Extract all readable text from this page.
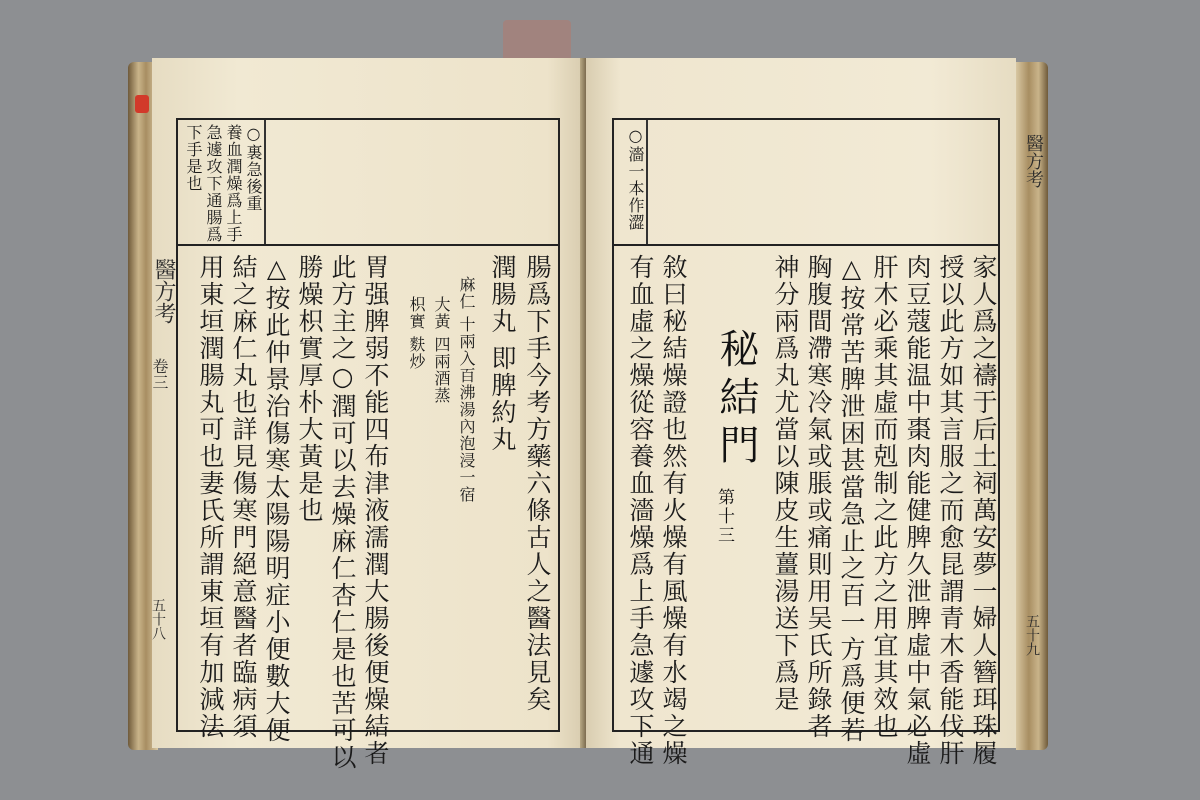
○裏急後重
養血潤燥爲上手
急遽攻下通腸爲
下手是也
腸爲下手今考方藥六條古人之醫法見矣
潤腸丸 即脾約丸
麻仁 十兩入百沸湯內泡浸一宿
大黃 四兩酒蒸
枳實 麩炒
胃强脾弱不能四布津液濡潤大腸後便燥結者
此方主之○潤可以去燥麻仁杏仁是也苦可以
勝燥枳實厚朴大黃是也
△按此仲景治傷寒太陽陽明症小便數大便
結之麻仁丸也詳見傷寒門絕意醫者臨病須
用東垣潤腸丸可也妻氏所謂東垣有加減法
醫方考
卷三
五十八
○濇一本作澀
家人爲之禱于后土祠萬安夢一婦人簪珥珠履
授以此方如其言服之而愈昆謂青木香能伐肝
肉豆蔻能温中棗肉能健脾久泄脾虛中氣必虛
肝木必乘其虛而剋制之此方之用宜其效也
△按常苦脾泄困甚當急止之百一方爲便若
胸腹間滯寒冷氣或脹或痛則用吴氏所錄者
神分兩爲丸尤當以陳皮生薑湯送下爲是
秘結門
第十三
敘曰秘結燥證也然有火燥有風燥有水竭之燥
有血虛之燥從容養血濇燥爲上手急遽攻下通
醫方考
五十九
